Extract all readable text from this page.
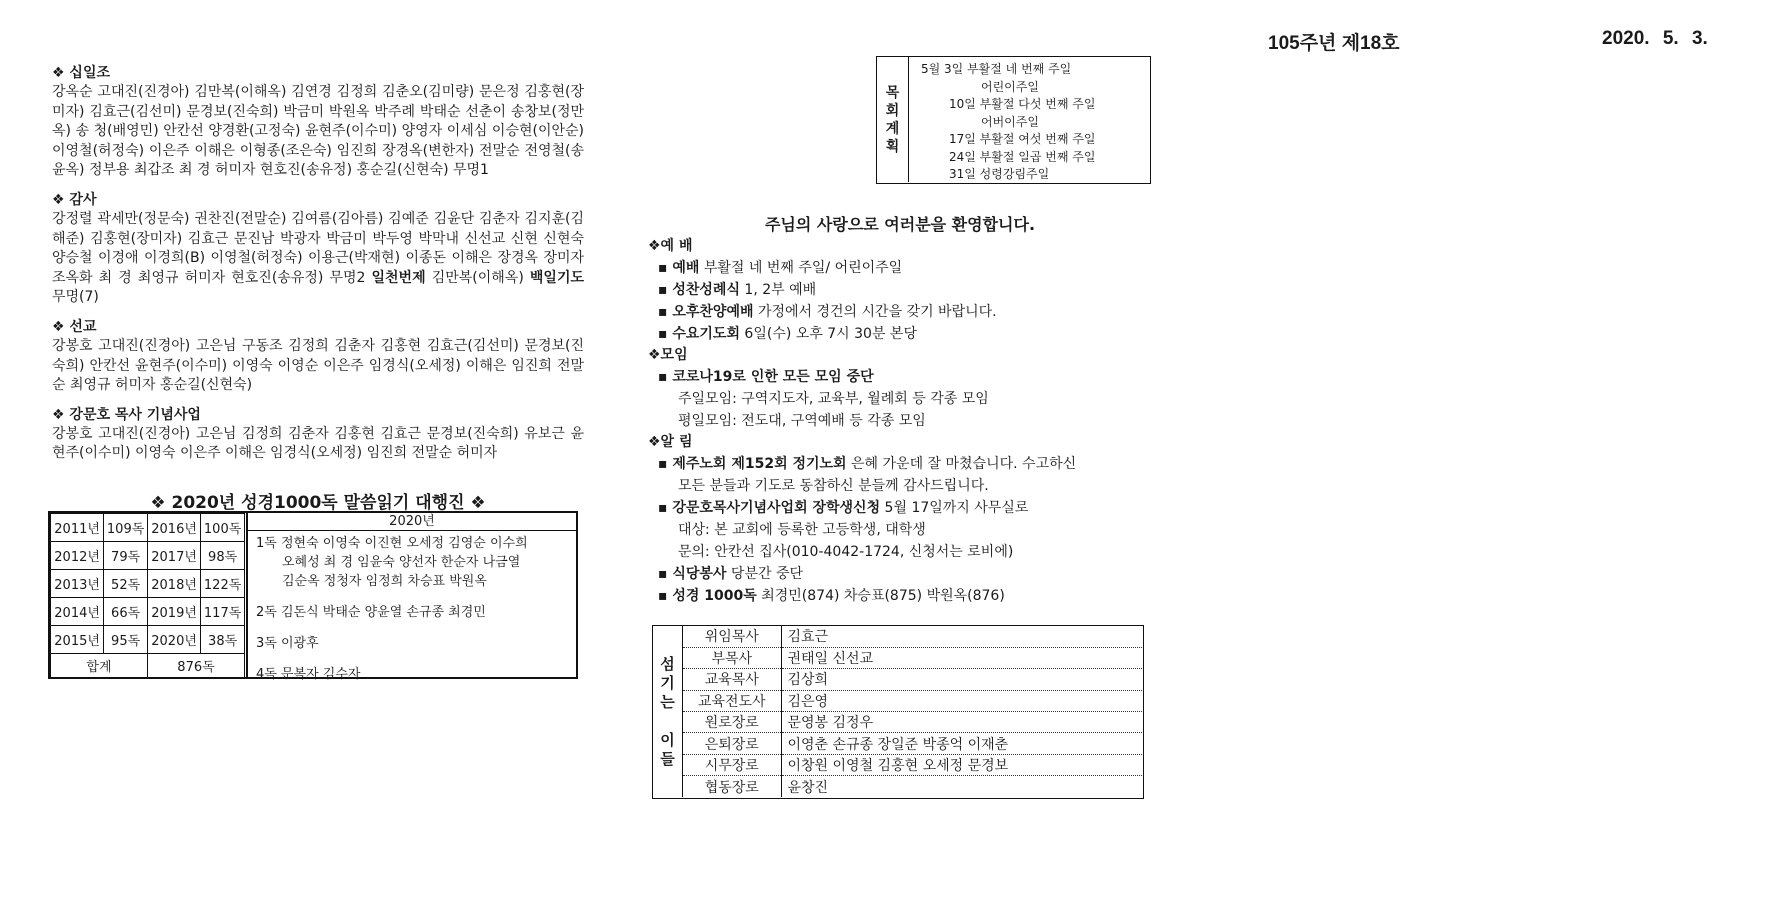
105주년 제18호	2020. 5. 3.
❖ 십일조
강옥순 고대진(진경아) 김만복(이해옥) 김연경 김정희 김춘오(김미량) 문은정 김홍현(장미자) 김효근(김선미) 문경보(진숙희) 박금미 박원옥 박주례 박태순 선춘이 송창보(정만옥) 송 청(배영민) 안칸선 양경환(고정숙) 윤현주(이수미) 양영자 이세심 이승현(이안순) 이영철(허정숙) 이은주 이해은 이형종(조은숙) 임진희 장경옥(변한자) 전말순 전영철(송윤옥) 정부용 최갑조 최 경 허미자 현호진(송유정) 홍순길(신현숙) 무명1
❖ 감사
강정렬 곽세만(정문숙) 권찬진(전말순) 김여름(김아름) 김예준 김윤단 김춘자 김지훈(김해준) 김홍현(장미자) 김효근 문진남 박광자 박금미 박두영 박막내 신선교 신현 신현숙 양승철 이경애 이경희(B) 이영철(허정숙) 이용근(박재현) 이종돈 이해은 장경옥 장미자 조옥화 최 경 최영규 허미자 현호진(송유정) 무명2 일천번제 김만복(이해옥) 백일기도 무명(7)
❖ 선교
강봉호 고대진(진경아) 고은님 구동조 김정희 김춘자 김홍현 김효근(김선미) 문경보(진숙희) 안칸선 윤현주(이수미) 이영숙 이영순 이은주 임경식(오세정) 이해은 임진희 전말순 최영규 허미자 홍순길(신현숙)
❖ 강문호 목사 기념사업
강봉호 고대진(진경아) 고은님 김정희 김춘자 김홍현 김효근 문경보(진숙희) 유보근 윤현주(이수미) 이영숙 이은주 이해은 임경식(오세정) 임진희 전말순 허미자
❖ 2020년 성경1000독 말씀읽기 대행진 ❖
2011년	109독	2016년	100독
2012년	79독	2017년	98독
2013년	52독	2018년	122독
2014년	66독	2019년	117독
2015년	95독	2020년	38독
합계		876독	
2020년
1독 정현숙 이영숙 이진현 오세정 김영순 이수희
오혜성 최 경 임윤숙 양선자 한순자 나금열
김순옥 정청자 임정희 차승표 박원옥
2독 김돈식 박태순 양윤열 손규종 최경민
3독 이광후
4독 문복자 김수자
목
회
계
획
5월 3일 부활절 네 번째 주일
어린이주일
10일 부활절 다섯 번째 주일
어버이주일
17일 부활절 여섯 번째 주일
24일 부활절 일곱 번째 주일
31일 성령강림주일
주님의 사랑으로 여러분을 환영합니다.
❖예 배
▪ 예배 부활절 네 번째 주일/ 어린이주일
▪ 성찬성례식 1, 2부 예배
▪ 오후찬양예배 가정에서 경건의 시간을 갖기 바랍니다.
▪ 수요기도회 6일(수) 오후 7시 30분 본당
❖모임
▪ 코로나19로 인한 모든 모임 중단
주일모임: 구역지도자, 교육부, 월례회 등 각종 모임
평일모임: 전도대, 구역예배 등 각종 모임
❖알 림
▪ 제주노회 제152회 정기노회 은혜 가운데 잘 마쳤습니다. 수고하신
모든 분들과 기도로 동참하신 분들께 감사드립니다.
▪ 강문호목사기념사업회 장학생신청 5월 17일까지 사무실로
대상: 본 교회에 등록한 고등학생, 대학생
문의: 안칸선 집사(010-4042-1724, 신청서는 로비에)
▪ 식당봉사 당분간 중단
▪ 성경 1000독 최경민(874) 차승표(875) 박원옥(876)
섬
기
는
이
들
위임목사	김효근
부목사	권태일 신선교
교육목사	김상희
교육전도사	김은영
원로장로	문영봉 김정우
은퇴장로	이영춘 손규종 장일준 박종억 이재춘
시무장로	이창원 이영철 김홍현 오세정 문경보
협동장로	윤창진
